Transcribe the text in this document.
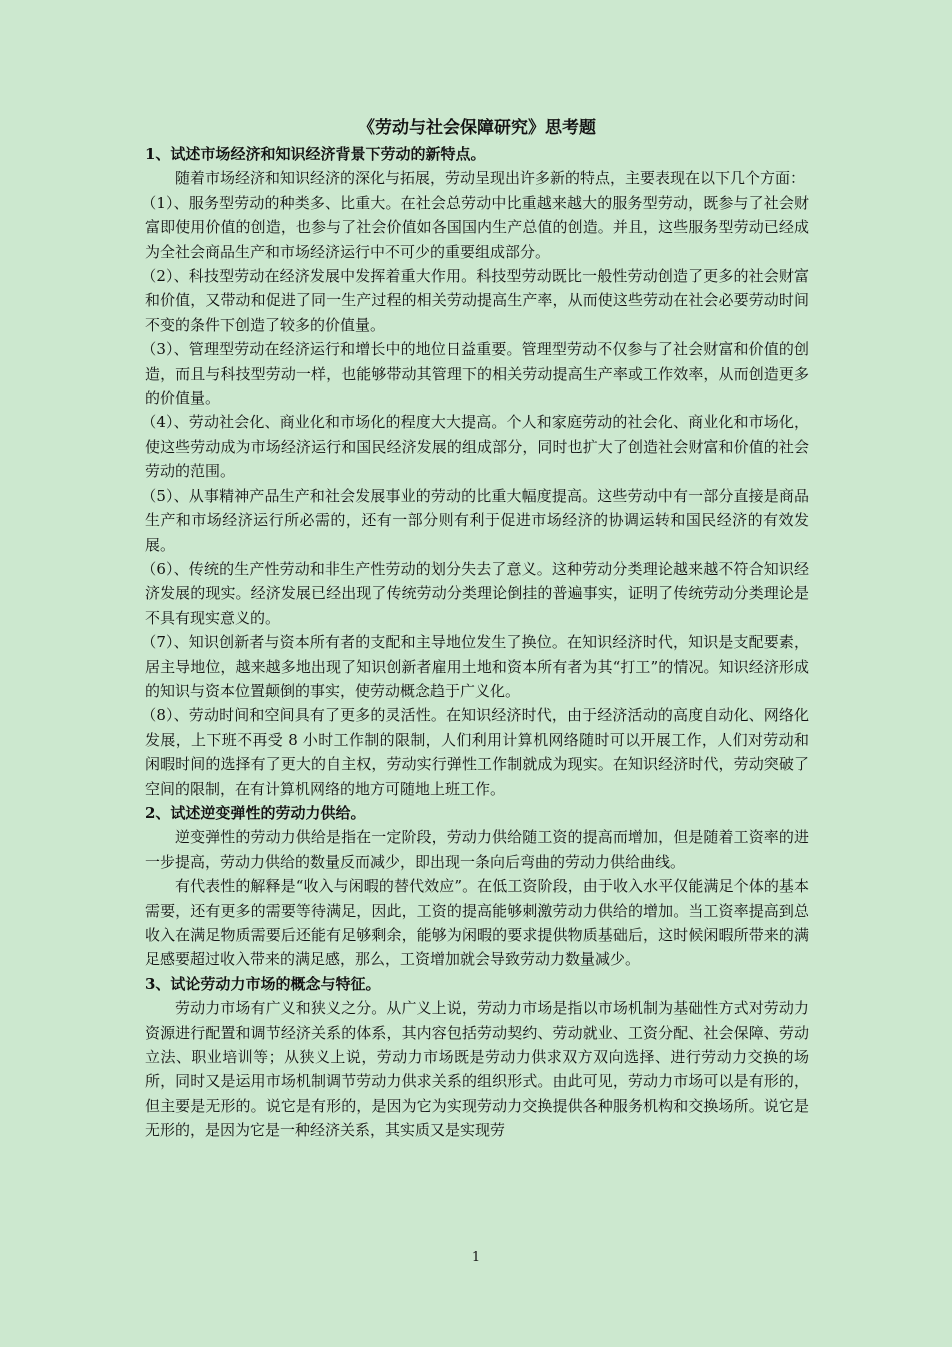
《劳动与社会保障研究》思考题

1、试述市场经济和知识经济背景下劳动的新特点。

随着市场经济和知识经济的深化与拓展，劳动呈现出许多新的特点，主要表现在以下几个方面：

（1）、服务型劳动的种类多、比重大。在社会总劳动中比重越来越大的服务型劳动，既参与了社会财富即使用价值的创造，也参与了社会价值如各国国内生产总值的创造。并且，这些服务型劳动已经成为全社会商品生产和市场经济运行中不可少的重要组成部分。

（2）、科技型劳动在经济发展中发挥着重大作用。科技型劳动既比一般性劳动创造了更多的社会财富和价值，又带动和促进了同一生产过程的相关劳动提高生产率，从而使这些劳动在社会必要劳动时间不变的条件下创造了较多的价值量。

（3）、管理型劳动在经济运行和增长中的地位日益重要。管理型劳动不仅参与了社会财富和价值的创造，而且与科技型劳动一样，也能够带动其管理下的相关劳动提高生产率或工作效率，从而创造更多的价值量。

（4）、劳动社会化、商业化和市场化的程度大大提高。个人和家庭劳动的社会化、商业化和市场化，使这些劳动成为市场经济运行和国民经济发展的组成部分，同时也扩大了创造社会财富和价值的社会劳动的范围。

（5）、从事精神产品生产和社会发展事业的劳动的比重大幅度提高。这些劳动中有一部分直接是商品生产和市场经济运行所必需的，还有一部分则有利于促进市场经济的协调运转和国民经济的有效发展。

（6）、传统的生产性劳动和非生产性劳动的划分失去了意义。这种劳动分类理论越来越不符合知识经济发展的现实。经济发展已经出现了传统劳动分类理论倒挂的普遍事实，证明了传统劳动分类理论是不具有现实意义的。

（7）、知识创新者与资本所有者的支配和主导地位发生了换位。在知识经济时代，知识是支配要素，居主导地位，越来越多地出现了知识创新者雇用土地和资本所有者为其“打工”的情况。知识经济形成的知识与资本位置颠倒的事实，使劳动概念趋于广义化。

（8）、劳动时间和空间具有了更多的灵活性。在知识经济时代，由于经济活动的高度自动化、网络化发展，上下班不再受 8 小时工作制的限制，人们利用计算机网络随时可以开展工作，人们对劳动和闲暇时间的选择有了更大的自主权，劳动实行弹性工作制就成为现实。在知识经济时代，劳动突破了空间的限制，在有计算机网络的地方可随地上班工作。

2、试述逆变弹性的劳动力供给。

逆变弹性的劳动力供给是指在一定阶段，劳动力供给随工资的提高而增加，但是随着工资率的进一步提高，劳动力供给的数量反而减少，即出现一条向后弯曲的劳动力供给曲线。

有代表性的解释是“收入与闲暇的替代效应”。在低工资阶段，由于收入水平仅能满足个体的基本需要，还有更多的需要等待满足，因此，工资的提高能够刺激劳动力供给的增加。当工资率提高到总收入在满足物质需要后还能有足够剩余，能够为闲暇的要求提供物质基础后，这时候闲暇所带来的满足感要超过收入带来的满足感，那么，工资增加就会导致劳动力数量减少。

3、试论劳动力市场的概念与特征。

劳动力市场有广义和狭义之分。从广义上说，劳动力市场是指以市场机制为基础性方式对劳动力资源进行配置和调节经济关系的体系，其内容包括劳动契约、劳动就业、工资分配、社会保障、劳动立法、职业培训等；从狭义上说，劳动力市场既是劳动力供求双方双向选择、进行劳动力交换的场所，同时又是运用市场机制调节劳动力供求关系的组织形式。由此可见，劳动力市场可以是有形的，但主要是无形的。说它是有形的，是因为它为实现劳动力交换提供各种服务机构和交换场所。说它是无形的，是因为它是一种经济关系，其实质又是实现劳

1
